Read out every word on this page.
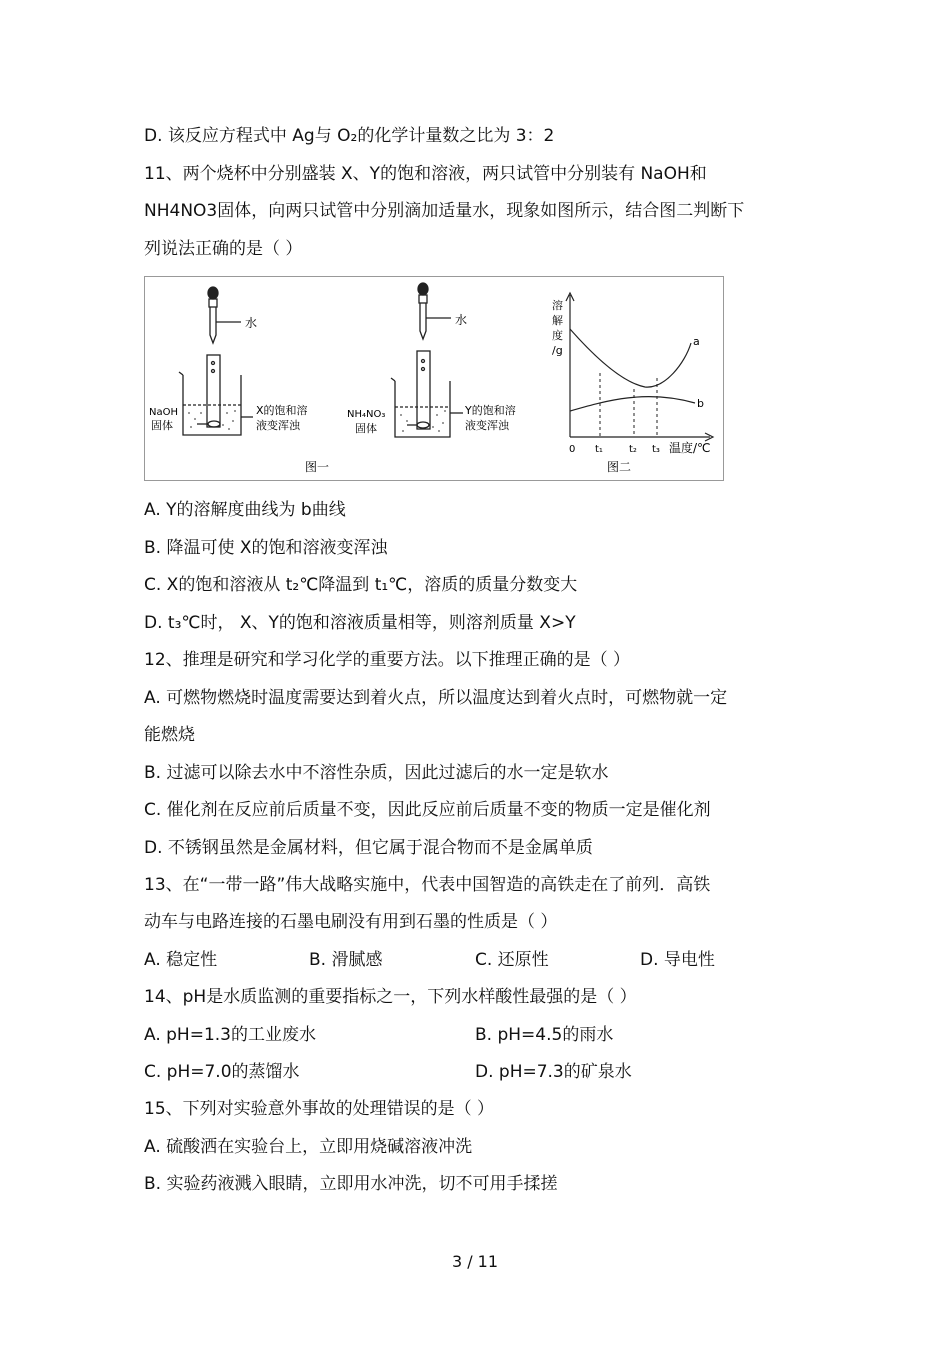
D. 该反应方程式中 Ag与 O₂的化学计量数之比为 3：2
11、两个烧杯中分别盛装 X、Y的饱和溶液，两只试管中分别装有 NaOH和
NH4NO3固体，向两只试管中分别滴加适量水，现象如图所示，结合图二判断下
列说法正确的是（ ）
水
NaOH
固体
X的饱和溶
液变浑浊
水
NH₄NO₃
固体
Y的饱和溶
液变浑浊
图一
溶
解
度
/g
a
b
0 t₁	t₂ t₃ 温度/℃
图二
A. Y的溶解度曲线为 b曲线
B. 降温可使 X的饱和溶液变浑浊
C. X的饱和溶液从 t₂℃降温到 t₁℃，溶质的质量分数变大
D. t₃℃时， X、Y的饱和溶液质量相等，则溶剂质量 X>Y
12、推理是研究和学习化学的重要方法。以下推理正确的是（ ）
A. 可燃物燃烧时温度需要达到着火点，所以温度达到着火点时，可燃物就一定
能燃烧
B. 过滤可以除去水中不溶性杂质，因此过滤后的水一定是软水
C. 催化剂在反应前后质量不变，因此反应前后质量不变的物质一定是催化剂
D. 不锈钢虽然是金属材料，但它属于混合物而不是金属单质
13、在“一带一路”伟大战略实施中，代表中国智造的高铁走在了前列．高铁
动车与电路连接的石墨电刷没有用到石墨的性质是（ ）
A. 稳定性	B. 滑腻感	C. 还原性	D. 导电性
14、pH是水质监测的重要指标之一，下列水样酸性最强的是（ ）
A. pH=1.3的工业废水	B. pH=4.5的雨水
C. pH=7.0的蒸馏水	D. pH=7.3的矿泉水
15、下列对实验意外事故的处理错误的是（ ）
A. 硫酸洒在实验台上，立即用烧碱溶液冲洗
B. 实验药液溅入眼睛，立即用水冲洗，切不可用手揉搓
3 / 11
